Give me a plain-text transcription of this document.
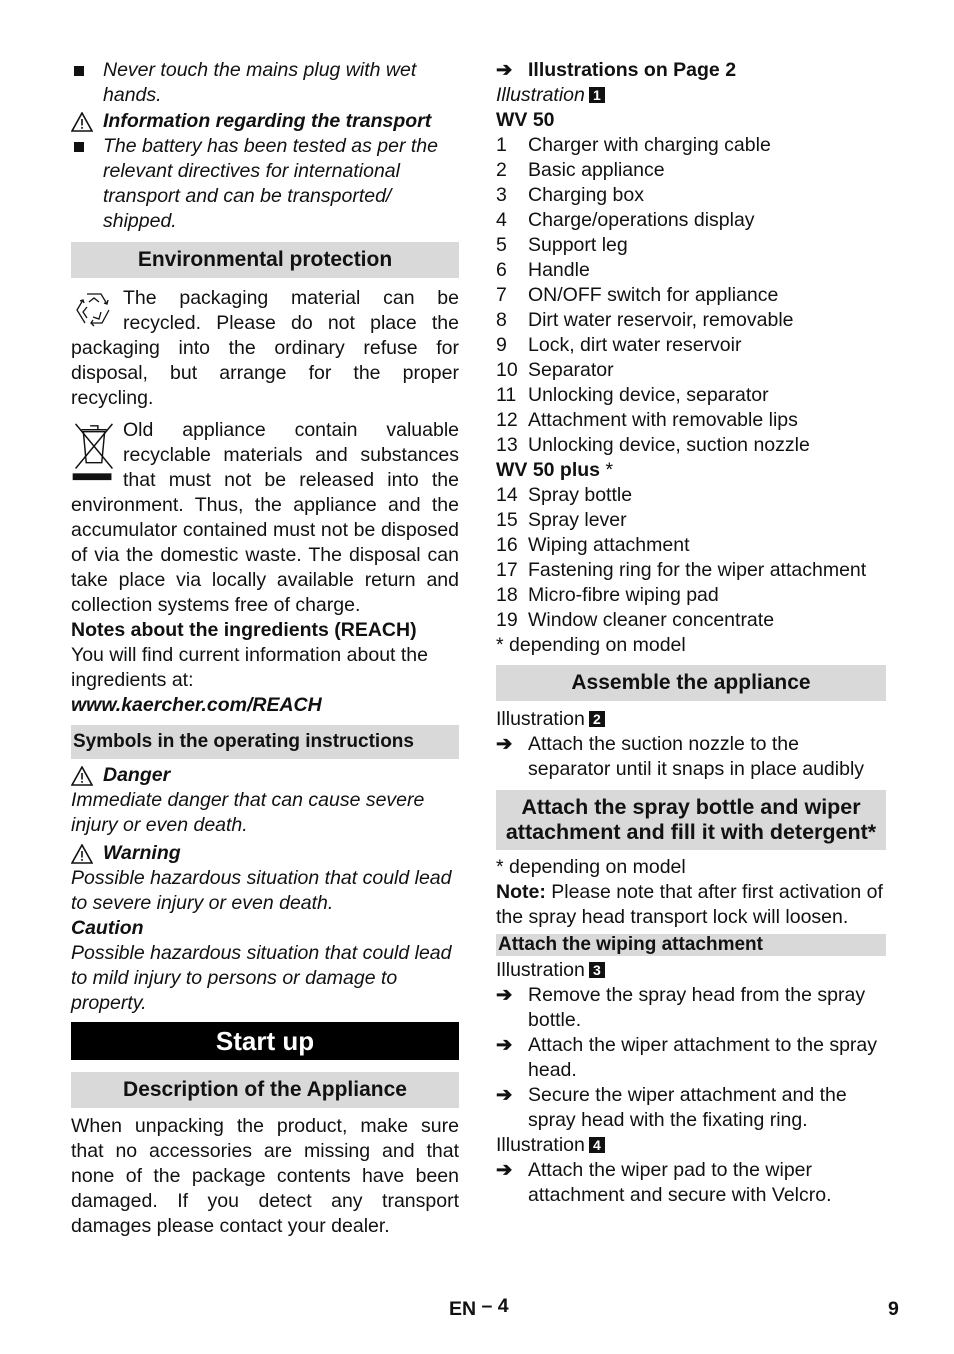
Never touch the mains plug with wet hands.
Information regarding the transport
The battery has been tested as per the relevant directives for international transport and can be transported/ shipped.
Environmental protection
The packaging material can be recycled. Please do not place the packaging into the ordinary refuse for disposal, but arrange for the proper recycling.
Old appliance contain valuable recyclable materials and substances that must not be released into the environment. Thus, the appliance and the accumulator contained must not be disposed of via the domestic waste. The disposal can take place via locally available return and collection systems free of charge.

Notes about the ingredients (REACH)

You will find current information about the ingredients at:

www.kaercher.com/REACH

Symbols in the operating instructions
Danger

Immediate danger that can cause severe injury or even death.

Warning

Possible hazardous situation that could lead to severe injury or even death.

Caution

Possible hazardous situation that could lead to mild injury to persons or damage to property.

Start up
Description of the Appliance

When unpacking the product, make sure that no accessories are missing and that none of the package contents have been damaged. If you detect any transport damages please contact your dealer.

➔ Illustrations on Page 2

Illustration 1

WV 50

1	Charger with charging cable
2	Basic appliance
3	Charging box
4	Charge/operations display
5	Support leg
6	Handle
7	ON/OFF switch for appliance
8	Dirt water reservoir, removable
9	Lock, dirt water reservoir
10 Separator
11 Unlocking device, separator
12 Attachment with removable lips
13 Unlocking device, suction nozzle

WV 50 plus *

14 Spray bottle
15 Spray lever
16 Wiping attachment
17 Fastening ring for the wiper attachment
18 Micro-fibre wiping pad
19 Window cleaner concentrate

* depending on model

Assemble the appliance

Illustration 2

➔ Attach the suction nozzle to the separator until it snaps in place audibly
Attach the spray bottle and wiper attachment and fill it with detergent*

* depending on model

Note: Please note that after first activation of the spray head transport lock will loosen.

Attach the wiping attachment

Illustration 3

➔ Remove the spray head from the spray bottle.
➔ Attach the wiper attachment to the spray head.
➔ Secure the wiper attachment and the spray head with the fixating ring.

Illustration 4

➔ Attach the wiper pad to the wiper attachment and secure with Velcro.
EN – 4	9
